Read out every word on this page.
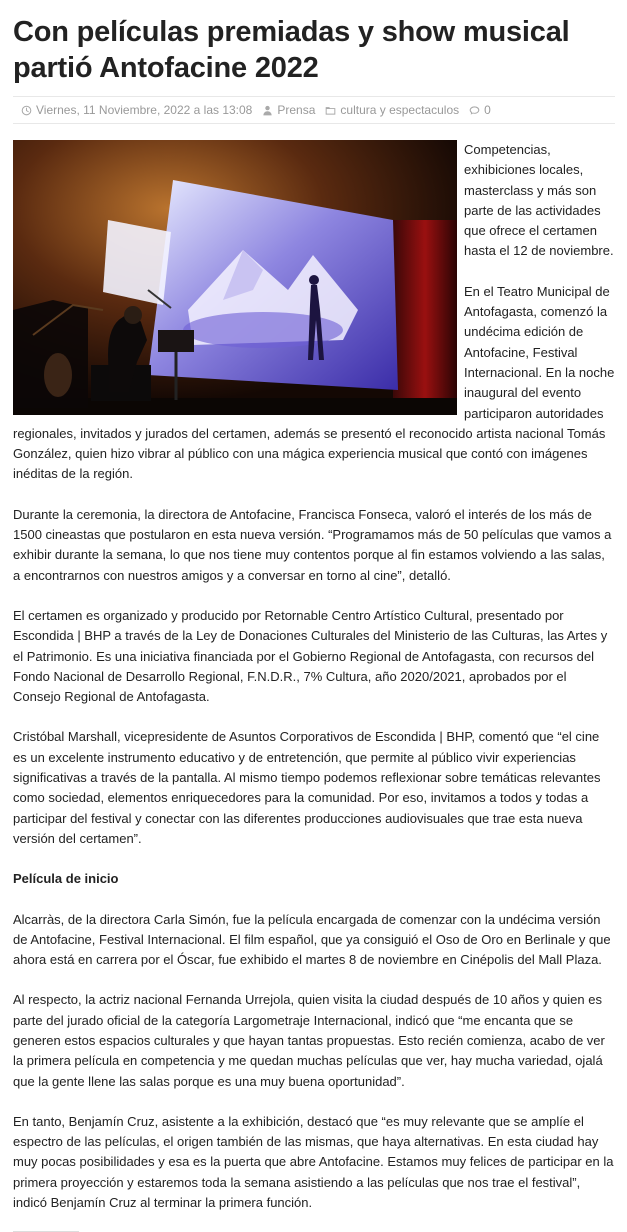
Con películas premiadas y show musical partió Antofacine 2022
Viernes, 11 Noviembre, 2022 a las 13:08 Prensa cultura y espectaculos 0

Competencias, exhibiciones locales, masterclass y más son parte de las actividades que ofrece el certamen hasta el 12 de noviembre.

En el Teatro Municipal de Antofagasta, comenzó la undécima edición de Antofacine, Festival Internacional. En la noche inaugural del evento participaron autoridades regionales, invitados y jurados del certamen, además se presentó el reconocido artista nacional Tomás González, quien hizo vibrar al público con una mágica experiencia musical que contó con imágenes inéditas de la región.

Durante la ceremonia, la directora de Antofacine, Francisca Fonseca, valoró el interés de los más de 1500 cineastas que postularon en esta nueva versión. “Programamos más de 50 películas que vamos a exhibir durante la semana, lo que nos tiene muy contentos porque al fin estamos volviendo a las salas, a encontrarnos con nuestros amigos y a conversar en torno al cine”, detalló.

El certamen es organizado y producido por Retornable Centro Artístico Cultural, presentado por Escondida | BHP a través de la Ley de Donaciones Culturales del Ministerio de las Culturas, las Artes y el Patrimonio. Es una iniciativa financiada por el Gobierno Regional de Antofagasta, con recursos del Fondo Nacional de Desarrollo Regional, F.N.D.R., 7% Cultura, año 2020/2021, aprobados por el Consejo Regional de Antofagasta.

Cristóbal Marshall, vicepresidente de Asuntos Corporativos de Escondida | BHP, comentó que “el cine es un excelente instrumento educativo y de entretención, que permite al público vivir experiencias significativas a través de la pantalla. Al mismo tiempo podemos reflexionar sobre temáticas relevantes como sociedad, elementos enriquecedores para la comunidad. Por eso, invitamos a todos y todas a participar del festival y conectar con las diferentes producciones audiovisuales que trae esta nueva versión del certamen”.

Película de inicio

Alcarràs, de la directora Carla Simón, fue la película encargada de comenzar con la undécima versión de Antofacine, Festival Internacional. El film español, que ya consiguió el Oso de Oro en Berlinale y que ahora está en carrera por el Óscar, fue exhibido el martes 8 de noviembre en Cinépolis del Mall Plaza.

Al respecto, la actriz nacional Fernanda Urrejola, quien visita la ciudad después de 10 años y quien es parte del jurado oficial de la categoría Largometraje Internacional, indicó que “me encanta que se generen estos espacios culturales y que hayan tantas propuestas. Esto recién comienza, acabo de ver la primera película en competencia y me quedan muchas películas que ver, hay mucha variedad, ojalá que la gente llene las salas porque es una muy buena oportunidad”.

En tanto, Benjamín Cruz, asistente a la exhibición, destacó que “es muy relevante que se amplíe el espectro de las películas, el origen también de las mismas, que haya alternativas. En esta ciudad hay muy pocas posibilidades y esa es la puerta que abre Antofacine. Estamos muy felices de participar en la primera proyección y estaremos toda la semana asistiendo a las películas que nos trae el festival”, indicó Benjamín Cruz al terminar la primera función.
